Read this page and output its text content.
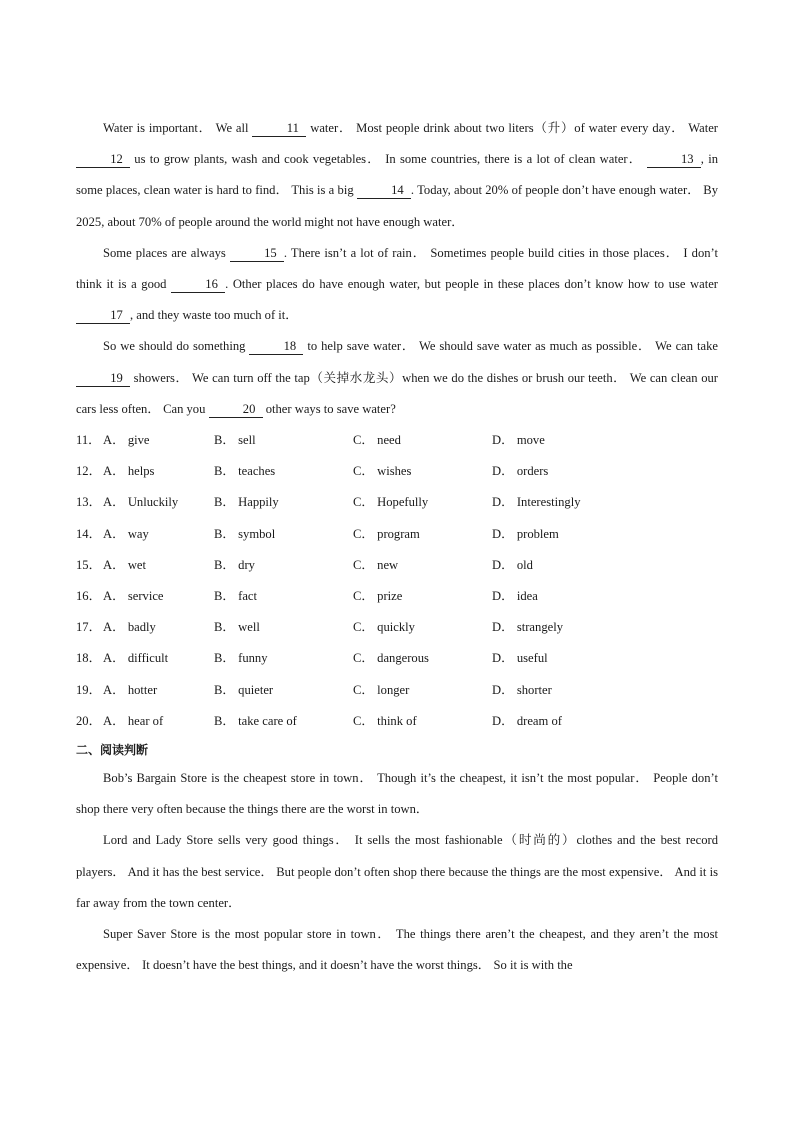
Water is important． We all	11 water． Most people drink about two liters（升）of water every day． Water 12 us to grow plants, wash and cook vegetables． In some countries, there is a lot of clean water．	13 , in some places, clean water is hard to find． This is a big	14 . Today, about 20% of people don’t have enough water． By 2025, about 70% of people around the world might not have enough water．

Some places are always	15 . There isn’t a lot of rain． Sometimes people build cities in those places． I don’t think it is a good	16 . Other places do have enough water, but people in these places don’t know how to use water 17 , and they waste too much of it．

So we should do something	18 to help save water． We should save water as much as possible． We can take 19 showers． We can turn off the tap（关掉水龙头）when we do the dishes or brush our teeth． We can clean our cars less often． Can you	20 other ways to save water?

11． A． give	B． sell	C． need	D． move
12． A． helps	B． teaches	C． wishes	D． orders
13． A． Unluckily	B． Happily	C． Hopefully	D． Interestingly
14． A． way	B． symbol	C． program	D． problem
15． A． wet	B． dry	C． new	D． old
16． A． service	B． fact	C． prize	D． idea
17． A． badly	B． well	C． quickly	D． strangely
18． A． difficult	B． funny	C． dangerous	D． useful
19． A． hotter	B． quieter	C． longer	D． shorter
20． A． hear of	B． take care of	C． think of	D． dream of

二、阅读判断

Bob’s Bargain Store is the cheapest store in town． Though it’s the cheapest, it isn’t the most popular． People don’t shop there very often because the things there are the worst in town．

Lord and Lady Store sells very good things． It sells the most fashionable（时尚的）clothes and the best record players． And it has the best service． But people don’t often shop there because the things are the most expensive． And it is far away from the town center．

Super Saver Store is the most popular store in town． The things there aren’t the cheapest, and they aren’t the most expensive． It doesn’t have the best things, and it doesn’t have the worst things． So it is with the
